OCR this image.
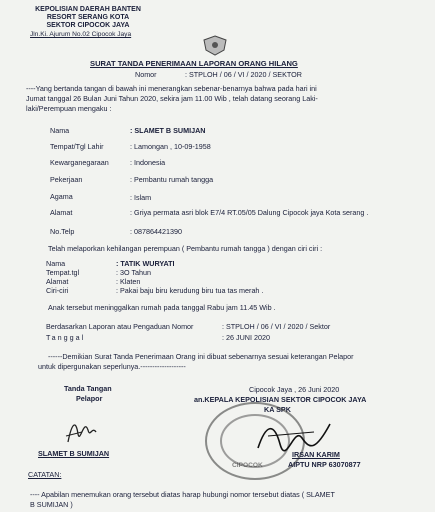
KEPOLISIAN DAERAH BANTEN
RESORT SERANG KOTA
SEKTOR CIPOCOK JAYA
Jln.Ki. Ajurum No.02 Cipocok Jaya
SURAT TANDA PENERIMAAN LAPORAN ORANG HILANG
Nomor	: STPLOH / 06 / VI / 2020 / SEKTOR
----Yang bertanda tangan di bawah ini menerangkan sebenar-benarnya bahwa pada hari ini
Jumat tanggal 26 Bulan Juni Tahun 2020, sekira jam 11.00 Wib , telah datang seorang Laki-
laki/Perempuan mengaku :
Nama	: SLAMET B SUMIJAN
Tempat/Tgl Lahir	: Lamongan , 10-09-1958
Kewarganegaraan	: Indonesia
Pekerjaan	: Pembantu rumah tangga
Agama	: Islam
Alamat	: Griya permata asri blok E7/4 RT.05/05 Dalung Cipocok jaya Kota serang .
No.Telp	: 087864421390
Telah melaporkan kehilangan perempuan ( Pembantu rumah tangga ) dengan ciri ciri :
Nama	: TATIK WURYATI
Tempat.tgl	: 3O Tahun
Alamat	: Klaten
Ciri-ciri	: Pakai baju biru kerudung biru tua tas merah .
Anak tersebut meninggalkan rumah pada tanggal Rabu jam 11.45 Wib .
Berdasarkan Laporan atau Pengaduan Nomor	: STPLOH / 06 / VI / 2020 / Sektor
Tanggal	: 26 JUNI 2020
------Demikian Surat Tanda Penerimaan Orang ini dibuat sebenarnya sesuai keterangan Pelapor
untuk dipergunakan seperlunya.-------------------
Tanda Tangan
Pelapor
SLAMET B SUMIJAN
Cipocok Jaya , 26 Juni 2020
an.KEPALA KEPOLISIAN SEKTOR CIPOCOK JAYA
KA SPK
CIPOCOK
IRSAN KARIM
AIPTU NRP 63070877
CATATAN:
---- Apabilan menemukan orang tersebut diatas harap hubungi nomor tersebut diatas ( SLAMET
B SUMIJAN )
